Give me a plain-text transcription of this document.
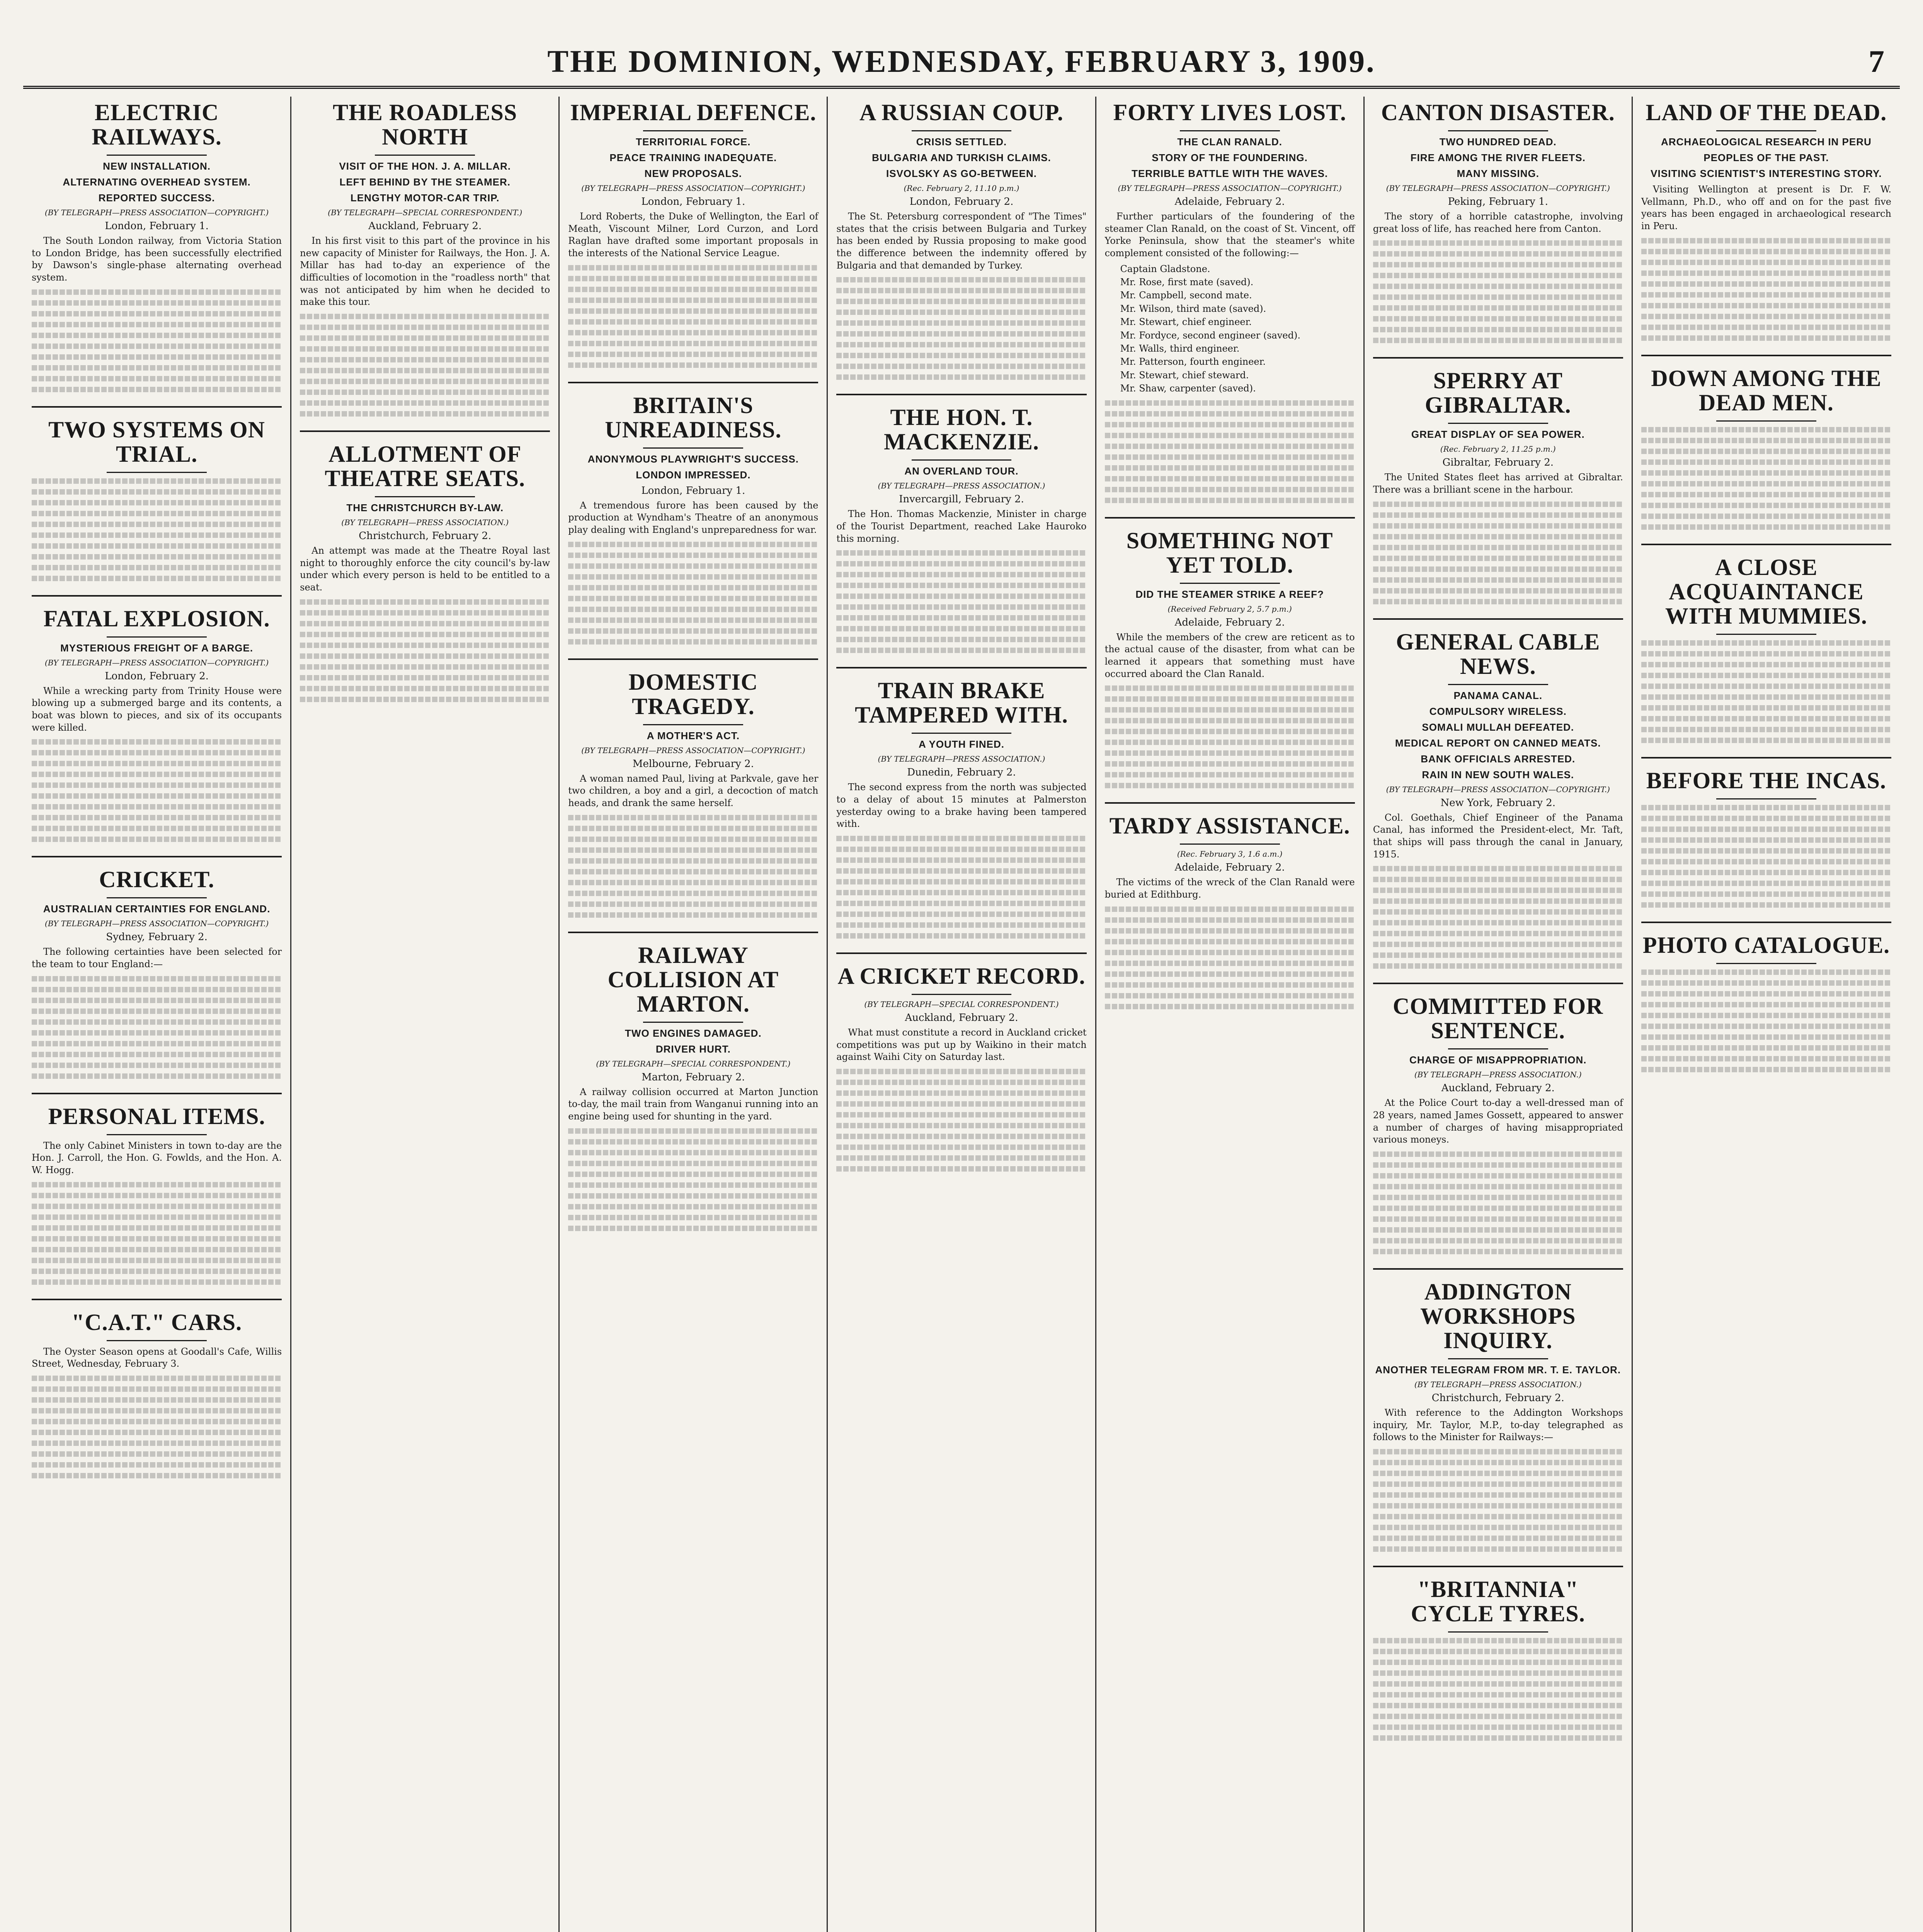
THE DOMINION, WEDNESDAY, FEBRUARY 3, 1909.	7
ELECTRIC RAILWAYS.
NEW INSTALLATION.
ALTERNATING OVERHEAD SYSTEM.
REPORTED SUCCESS.
(BY TELEGRAPH—PRESS ASSOCIATION—COPYRIGHT.)
London, February 1.

The South London railway, from Victoria Station to London Bridge, has been successfully electrified by Dawson's single-phase alternating overhead system.

TWO SYSTEMS ON TRIAL.
FATAL EXPLOSION.
MYSTERIOUS FREIGHT OF A BARGE.
(BY TELEGRAPH—PRESS ASSOCIATION—COPYRIGHT.)
London, February 2.

While a wrecking party from Trinity House were blowing up a submerged barge and its contents, a boat was blown to pieces, and six of its occupants were killed.

CRICKET.
AUSTRALIAN CERTAINTIES FOR ENGLAND.
(BY TELEGRAPH—PRESS ASSOCIATION—COPYRIGHT.)
Sydney, February 2.

The following certainties have been selected for the team to tour England:—

PERSONAL ITEMS.

The only Cabinet Ministers in town to-day are the Hon. J. Carroll, the Hon. G. Fowlds, and the Hon. A. W. Hogg.

"C.A.T." CARS.

The Oyster Season opens at Goodall's Cafe, Willis Street, Wednesday, February 3.

THE ROADLESS NORTH
VISIT OF THE HON. J. A. MILLAR.
LEFT BEHIND BY THE STEAMER.
LENGTHY MOTOR-CAR TRIP.
(BY TELEGRAPH—SPECIAL CORRESPONDENT.)
Auckland, February 2.

In his first visit to this part of the province in his new capacity of Minister for Railways, the Hon. J. A. Millar has had to-day an experience of the difficulties of locomotion in the "roadless north" that was not anticipated by him when he decided to make this tour.

ALLOTMENT OF THEATRE SEATS.
THE CHRISTCHURCH BY-LAW.
(BY TELEGRAPH—PRESS ASSOCIATION.)
Christchurch, February 2.

An attempt was made at the Theatre Royal last night to thoroughly enforce the city council's by-law under which every person is held to be entitled to a seat.

IMPERIAL DEFENCE.
TERRITORIAL FORCE.
PEACE TRAINING INADEQUATE.
NEW PROPOSALS.
(BY TELEGRAPH—PRESS ASSOCIATION—COPYRIGHT.)
London, February 1.

Lord Roberts, the Duke of Wellington, the Earl of Meath, Viscount Milner, Lord Curzon, and Lord Raglan have drafted some important proposals in the interests of the National Service League.

BRITAIN'S UNREADINESS.
ANONYMOUS PLAYWRIGHT'S SUCCESS.
LONDON IMPRESSED.
London, February 1.

A tremendous furore has been caused by the production at Wyndham's Theatre of an anonymous play dealing with England's unpreparedness for war.

DOMESTIC TRAGEDY.
A MOTHER'S ACT.
(BY TELEGRAPH—PRESS ASSOCIATION—COPYRIGHT.)
Melbourne, February 2.

A woman named Paul, living at Parkvale, gave her two children, a boy and a girl, a decoction of match heads, and drank the same herself.

RAILWAY COLLISION AT MARTON.
TWO ENGINES DAMAGED.
DRIVER HURT.
(BY TELEGRAPH—SPECIAL CORRESPONDENT.)
Marton, February 2.

A railway collision occurred at Marton Junction to-day, the mail train from Wanganui running into an engine being used for shunting in the yard.

A RUSSIAN COUP.
CRISIS SETTLED.
BULGARIA AND TURKISH CLAIMS.
ISVOLSKY AS GO-BETWEEN.
(Rec. February 2, 11.10 p.m.)
London, February 2.

The St. Petersburg correspondent of "The Times" states that the crisis between Bulgaria and Turkey has been ended by Russia proposing to make good the difference between the indemnity offered by Bulgaria and that demanded by Turkey.

THE HON. T. MACKENZIE.
AN OVERLAND TOUR.
(BY TELEGRAPH—PRESS ASSOCIATION.)
Invercargill, February 2.

The Hon. Thomas Mackenzie, Minister in charge of the Tourist Department, reached Lake Hauroko this morning.

TRAIN BRAKE TAMPERED WITH.
A YOUTH FINED.
(BY TELEGRAPH—PRESS ASSOCIATION.)
Dunedin, February 2.

The second express from the north was subjected to a delay of about 15 minutes at Palmerston yesterday owing to a brake having been tampered with.

A CRICKET RECORD.
(BY TELEGRAPH—SPECIAL CORRESPONDENT.)
Auckland, February 2.

What must constitute a record in Auckland cricket competitions was put up by Waikino in their match against Waihi City on Saturday last.

FORTY LIVES LOST.
THE CLAN RANALD.
STORY OF THE FOUNDERING.
TERRIBLE BATTLE WITH THE WAVES.
(BY TELEGRAPH—PRESS ASSOCIATION—COPYRIGHT.)
Adelaide, February 2.

Further particulars of the foundering of the steamer Clan Ranald, on the coast of St. Vincent, off Yorke Peninsula, show that the steamer's white complement consisted of the following:—

Captain Gladstone.
Mr. Rose, first mate (saved).
Mr. Campbell, second mate.
Mr. Wilson, third mate (saved).
Mr. Stewart, chief engineer.
Mr. Fordyce, second engineer (saved).
Mr. Walls, third engineer.
Mr. Patterson, fourth engineer.
Mr. Stewart, chief steward.
Mr. Shaw, carpenter (saved).
SOMETHING NOT YET TOLD.
DID THE STEAMER STRIKE A REEF?
(Received February 2, 5.7 p.m.)
Adelaide, February 2.

While the members of the crew are reticent as to the actual cause of the disaster, from what can be learned it appears that something must have occurred aboard the Clan Ranald.

TARDY ASSISTANCE.
(Rec. February 3, 1.6 a.m.)
Adelaide, February 2.

The victims of the wreck of the Clan Ranald were buried at Edithburg.

CANTON DISASTER.
TWO HUNDRED DEAD.
FIRE AMONG THE RIVER FLEETS.
MANY MISSING.
(BY TELEGRAPH—PRESS ASSOCIATION—COPYRIGHT.)
Peking, February 1.

The story of a horrible catastrophe, involving great loss of life, has reached here from Canton.

SPERRY AT GIBRALTAR.
GREAT DISPLAY OF SEA POWER.
(Rec. February 2, 11.25 p.m.)
Gibraltar, February 2.

The United States fleet has arrived at Gibraltar. There was a brilliant scene in the harbour.

GENERAL CABLE NEWS.
PANAMA CANAL.
COMPULSORY WIRELESS.
SOMALI MULLAH DEFEATED.
MEDICAL REPORT ON CANNED MEATS.
BANK OFFICIALS ARRESTED.
RAIN IN NEW SOUTH WALES.
(BY TELEGRAPH—PRESS ASSOCIATION—COPYRIGHT.)
New York, February 2.

Col. Goethals, Chief Engineer of the Panama Canal, has informed the President-elect, Mr. Taft, that ships will pass through the canal in January, 1915.

COMMITTED FOR SENTENCE.
CHARGE OF MISAPPROPRIATION.
(BY TELEGRAPH—PRESS ASSOCIATION.)
Auckland, February 2.

At the Police Court to-day a well-dressed man of 28 years, named James Gossett, appeared to answer a number of charges of having misappropriated various moneys.

ADDINGTON WORKSHOPS INQUIRY.
ANOTHER TELEGRAM FROM MR. T. E. TAYLOR.
(BY TELEGRAPH—PRESS ASSOCIATION.)
Christchurch, February 2.

With reference to the Addington Workshops inquiry, Mr. Taylor, M.P., to-day telegraphed as follows to the Minister for Railways:—

"BRITANNIA" CYCLE TYRES.
LAND OF THE DEAD.
ARCHAEOLOGICAL RESEARCH IN PERU
PEOPLES OF THE PAST.
VISITING SCIENTIST'S INTERESTING STORY.

Visiting Wellington at present is Dr. F. W. Vellmann, Ph.D., who off and on for the past five years has been engaged in archaeological research in Peru.

DOWN AMONG THE DEAD MEN.
A CLOSE ACQUAINTANCE WITH MUMMIES.
BEFORE THE INCAS.
PHOTO CATALOGUE.
